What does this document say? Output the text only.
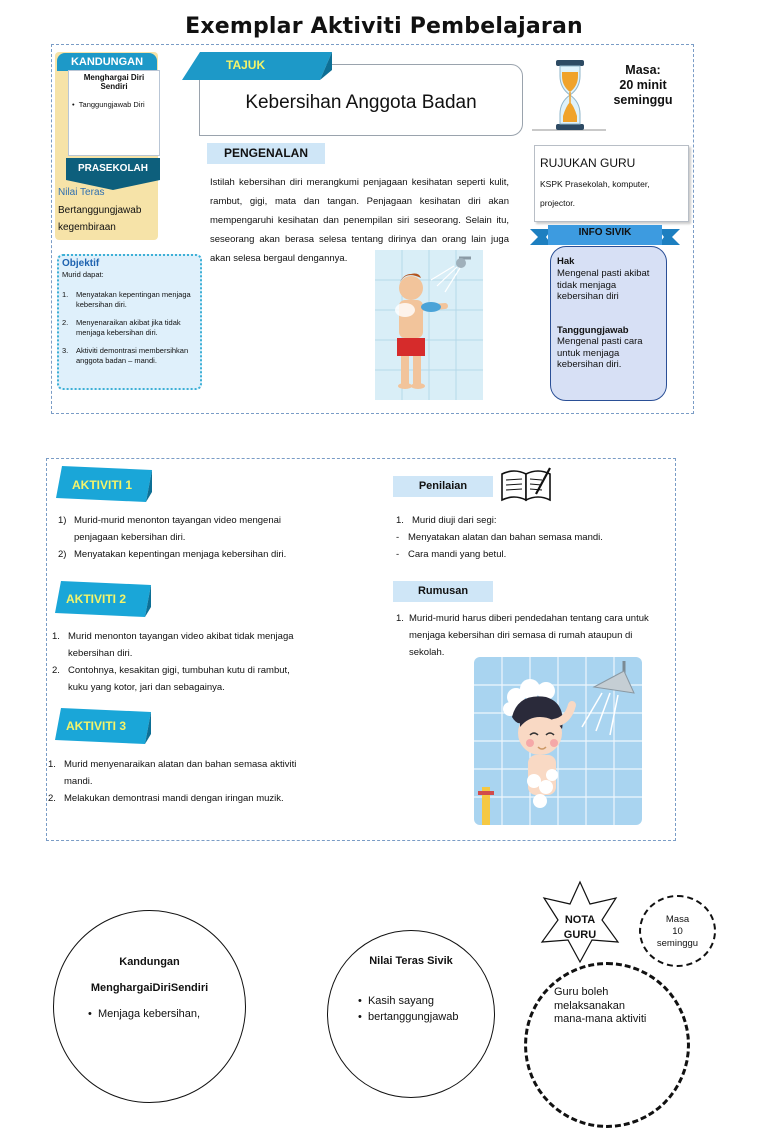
Exemplar Aktiviti Pembelajaran
KANDUNGAN
Menghargai Diri Sendiri
•  Tanggungjawab Diri
PRASEKOLAH
Nilai Teras
Bertanggungjawab
kegembiraan
Objektif
Murid dapat:
1.	Menyatakan kepentingan menjaga kebersihan diri.
2.	Menyenaraikan akibat jika tidak menjaga kebersihan diri.
3.	Aktiviti demontrasi membersihkan anggota badan – mandi.
TAJUK
Kebersihan Anggota Badan
Masa:
20 minit
seminggu
PENGENALAN
Istilah kebersihan diri merangkumi penjagaan kesihatan seperti kulit, rambut, gigi, mata dan tangan. Penjagaan kesihatan diri akan mempengaruhi kesihatan dan penempilan siri seseorang. Selain itu, seseorang akan berasa selesa tentang dirinya dan orang lain juga akan selesa bergaul dengannya.
RUJUKAN GURU
KSPK Prasekolah, komputer,
projector.
INFO SIVIK
Hak
Mengenal pasti akibat tidak menjaga kebersihan diri
Tanggungjawab
Mengenal pasti cara untuk menjaga kebersihan diri.
AKTIVITI 1
1) Murid-murid menonton tayangan video mengenai
penjagaan kebersihan diri.
2) Menyatakan kepentingan menjaga kebersihan diri.
AKTIVITI 2
1. Murid menonton tayangan video akibat tidak menjaga
kebersihan diri.
2. Contohnya, kesakitan gigi, tumbuhan kutu di rambut,
kuku yang kotor, jari dan sebagainya.
AKTIVITI 3
1. Murid menyenaraikan alatan dan bahan semasa aktiviti
mandi.
2. Melakukan demontrasi mandi dengan iringan muzik.
Penilaian
1. Murid diuji dari segi:
- Menyatakan alatan dan bahan semasa mandi.
- Cara mandi yang betul.
Rumusan
1. Murid-murid harus diberi pendedahan tentang cara untuk
menjaga kebersihan diri semasa di rumah ataupun di
sekolah.
Kandungan
MenghargaiDiriSendiri
•  Menjaga kebersihan,
Nilai Teras Sivik
•  Kasih sayang
•  bertanggungjawab
NOTA
GURU
Masa
10
seminggu
Guru boleh
melaksanakan
mana-mana aktiviti
